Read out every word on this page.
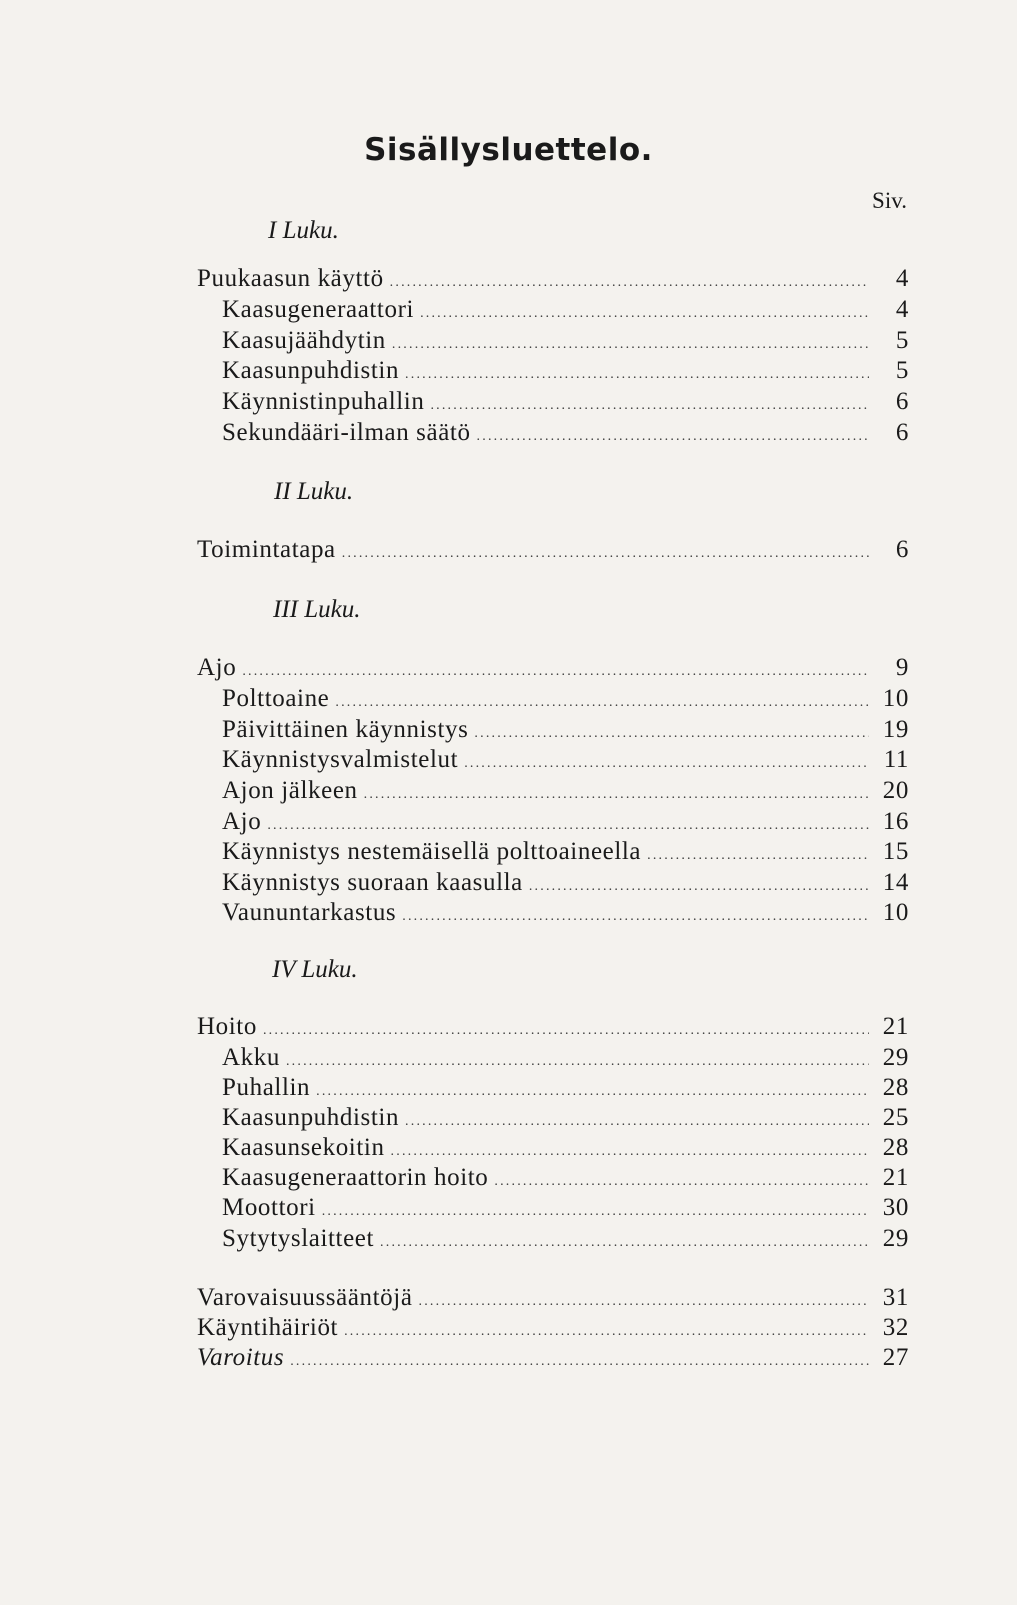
Sisällysluettelo.
Siv.
I Luku.
Puukaasun käyttö .....	4
Kaasugeneraattori .....	4
Kaasujäähdytin .....	5
Kaasunpuhdistin .....	5
Käynnistinpuhallin .....	6
Sekundääri-ilman säätö .....	6
II Luku.
Toimintatapa .....	6
III Luku.
Ajo .....	9
Polttoaine .....	10
Päivittäinen käynnistys .....	19
Käynnistysvalmistelut .....	11
Ajon jälkeen .....	20
Ajo .....	16
Käynnistys nestemäisellä polttoaineella .....	15
Käynnistys suoraan kaasulla .....	14
Vaununtarkastus .....	10
IV Luku.
Hoito .....	21
Akku .....	29
Puhallin .....	28
Kaasunpuhdistin .....	25
Kaasunsekoitin .....	28
Kaasugeneraattorin hoito .....	21
Moottori .....	30
Sytytyslaitteet .....	29
Varovaisuussääntöjä .....	31
Käyntihäiriöt .....	32
Varoitus .....	27
